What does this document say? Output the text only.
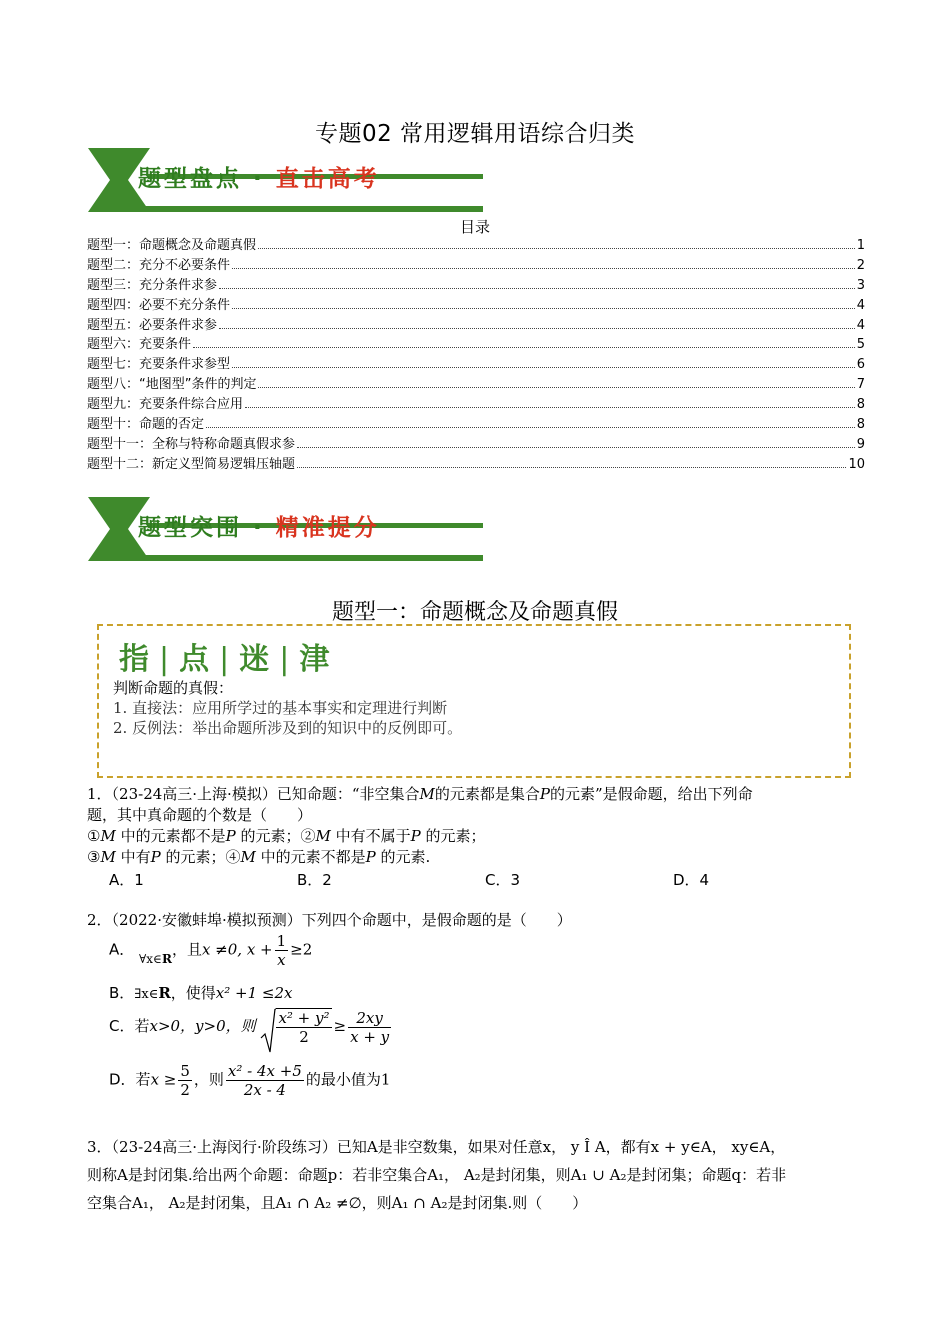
专题02 常用逻辑用语综合归类
题型盘点 · 直击高考
目录
题型一：命题概念及命题真假	1
题型二：充分不必要条件	2
题型三：充分条件求参	3
题型四：必要不充分条件	4
题型五：必要条件求参	4
题型六：充要条件	5
题型七：充要条件求参型	6
题型八：“地图型”条件的判定	7
题型九：充要条件综合应用	8
题型十：命题的否定	8
题型十一：全称与特称命题真假求参	9
题型十二：新定义型简易逻辑压轴题	10
题型突围 · 精准提分
题型一：命题概念及命题真假
指 | 点 | 迷 | 津
判断命题的真假：
1. 直接法：应用所学过的基本事实和定理进行判断
2. 反例法：举出命题所涉及到的知识中的反例即可。
1．（23-24高三·上海·模拟）已知命题：“非空集合M的元素都是集合P的元素”是假命题，给出下列命
题，其中真命题的个数是（　　）
①M 中的元素都不是P 的元素；②M 中有不属于P 的元素；
③M 中有P 的元素；④M 中的元素不都是P 的元素.
A．1	B．2	C．3	D．4
2．（2022·安徽蚌埠·模拟预测）下列四个命题中，是假命题的是（　　）
A． $_{\forall x\in R}$，且x ≠0, $x + \frac{1}{x} \ge 2$
B．∃x∈R，使得x² +1 ≤2x
C．若x>0，y>0，则 $\frac{\text{x² + y²}}{2} \ge \frac{2xy}{x + y}$
D．若$x \ge \frac{5}{2}$ ，则 $\frac{\text{x² - 4x +5}}{2x - 4}$ 的最小值为1
3．（23-24高三·上海闵行·阶段练习）已知A是非空数集，如果对任意x， y Î A，都有x + y∈A， xy∈A，
则称A是封闭集.给出两个命题：命题p：若非空集合A₁， A₂是封闭集，则A₁ ∪ A₂是封闭集；命题q：若非
空集合A₁， A₂是封闭集，且A₁ ∩ A₂ ≠∅，则A₁ ∩ A₂是封闭集.则（　　）
